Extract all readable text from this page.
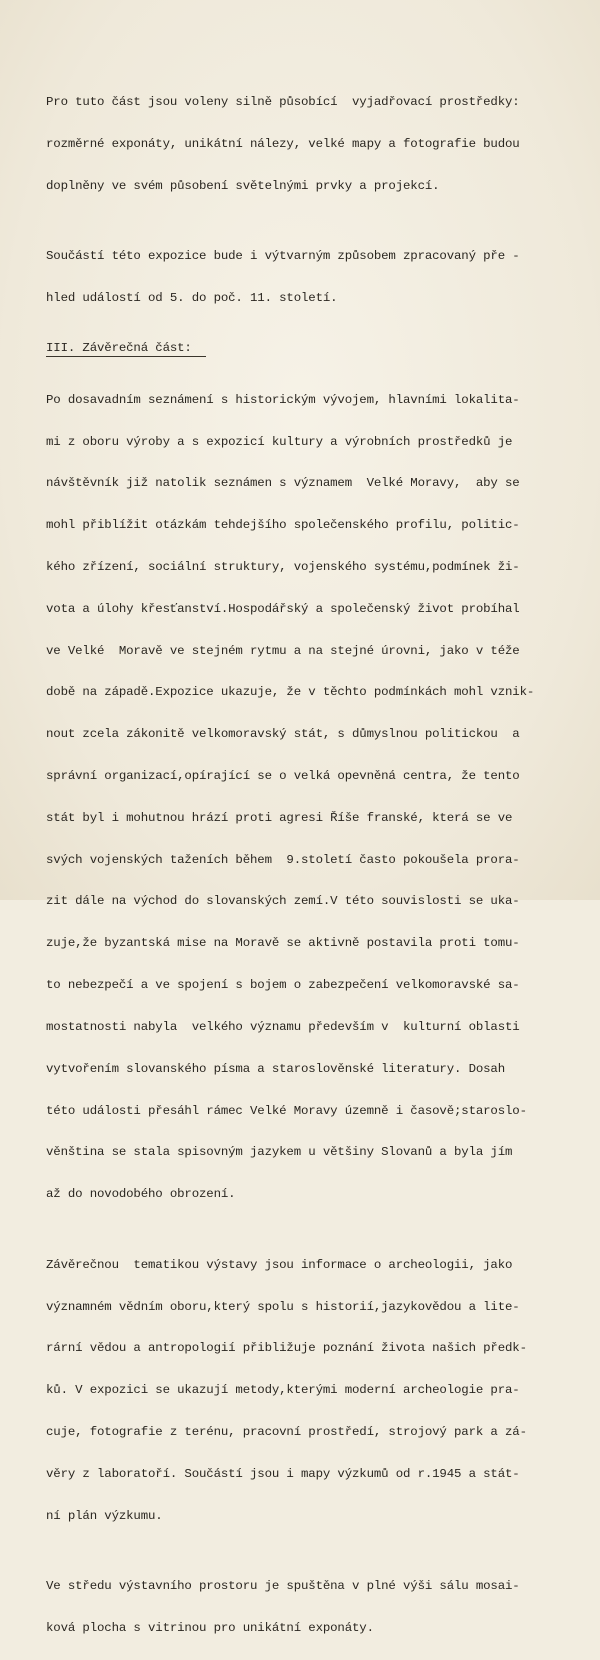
Pro tuto část jsou voleny silně působící  vyjadřovací prostředky:

rozměrné exponáty, unikátní nálezy, velké mapy a fotografie budou

doplněny ve svém působení světelnými prvky a projekcí.

Součástí této expozice bude i výtvarným způsobem zpracovaný pře -

hled událostí od 5. do poč. 11. století.

III. Závěrečná část:

Po dosavadním seznámení s historickým vývojem, hlavními lokalita-

mi z oboru výroby a s expozicí kultury a výrobních prostředků je

návštěvník již natolik seznámen s významem  Velké Moravy,  aby se

mohl přiblížit otázkám tehdejšího společenského profilu, politic-

kého zřízení, sociální struktury, vojenského systému,podmínek ži-

vota a úlohy křesťanství.Hospodářský a společenský život probíhal

ve Velké  Moravě ve stejném rytmu a na stejné úrovni, jako v téže

době na západě.Expozice ukazuje, že v těchto podmínkách mohl vznik-

nout zcela zákonitě velkomoravský stát, s důmyslnou politickou  a

správní organizací,opírající se o velká opevněná centra, že tento

stát byl i mohutnou hrází proti agresi Říše franské, která se ve

svých vojenských taženích během  9.století často pokoušela prora-

zit dále na východ do slovanských zemí.V této souvislosti se uka-

zuje,že byzantská mise na Moravě se aktivně postavila proti tomu-

to nebezpečí a ve spojení s bojem o zabezpečení velkomoravské sa-

mostatnosti nabyla  velkého významu především v  kulturní oblasti

vytvořením slovanského písma a staroslověnské literatury. Dosah

této události přesáhl rámec Velké Moravy územně i časově;staroslo-

věnština se stala spisovným jazykem u většiny Slovanů a byla jím

až do novodobého obrození.

Závěrečnou  tematikou výstavy jsou informace o archeologii, jako

významném vědním oboru,který spolu s historií,jazykovědou a lite-

rární vědou a antropologií přibližuje poznání života našich předk-

ků. V expozici se ukazují metody,kterými moderní archeologie pra-

cuje, fotografie z terénu, pracovní prostředí, strojový park a zá-

věry z laboratoří. Součástí jsou i mapy výzkumů od r.1945 a stát-

ní plán výzkumu.

Ve středu výstavního prostoru je spuštěna v plné výši sálu mosai-

ková plocha s vitrinou pro unikátní exponáty.
